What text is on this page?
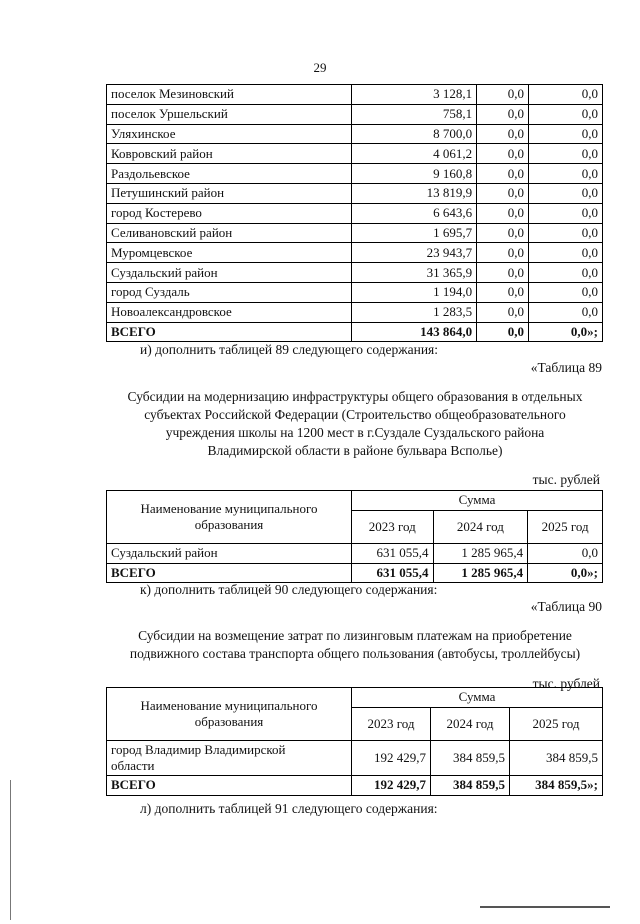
29
поселок Мезиновский	3 128,1	0,0	0,0
поселок Уршельский	758,1	0,0	0,0
Уляхинское	8 700,0	0,0	0,0
Ковровский район	4 061,2	0,0	0,0
Раздольевское	9 160,8	0,0	0,0
Петушинский район	13 819,9	0,0	0,0
город Костерево	6 643,6	0,0	0,0
Селивановский район	1 695,7	0,0	0,0
Муромцевское	23 943,7	0,0	0,0
Суздальский район	31 365,9	0,0	0,0
город Суздаль	1 194,0	0,0	0,0
Новоалександровское	1 283,5	0,0	0,0
ВСЕГО	143 864,0	0,0	0,0»;
и) дополнить таблицей 89 следующего содержания:
«Таблица 89
Субсидии на модернизацию инфраструктуры общего образования в отдельных
субъектах Российской Федерации (Строительство общеобразовательного
учреждения школы на 1200 мест в г.Суздале Суздальского района
Владимирской области в районе бульвара Всполье)
тыс. рублей
Наименование муниципального
образования	Сумма		
	2023 год	2024 год	2025 год
Суздальский район	631 055,4	1 285 965,4	0,0
ВСЕГО	631 055,4	1 285 965,4	0,0»;
к) дополнить таблицей 90 следующего содержания:
«Таблица 90
Субсидии на возмещение затрат по лизинговым платежам на приобретение
подвижного состава транспорта общего пользования (автобусы, троллейбусы)
тыс. рублей
Наименование муниципального
образования	Сумма		
	2023 год	2024 год	2025 год

город Владимир Владимирской
области	192 429,7	384 859,5	384 859,5
ВСЕГО	192 429,7	384 859,5	384 859,5»;
л) дополнить таблицей 91 следующего содержания:
